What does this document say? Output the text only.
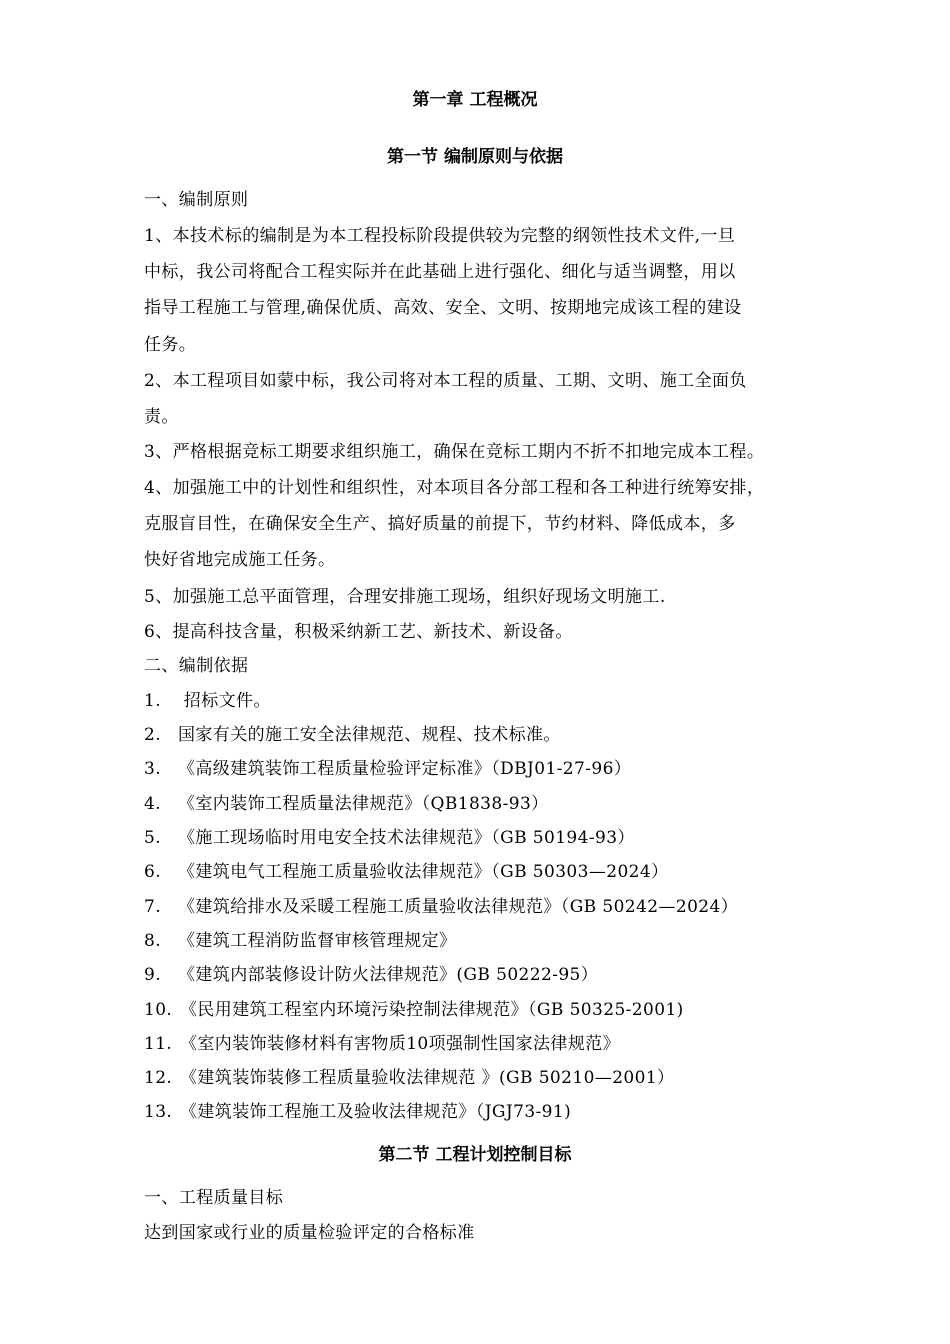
第一章 工程概况
第一节 编制原则与依据
一、编制原则
1、本技术标的编制是为本工程投标阶段提供较为完整的纲领性技术文件,一旦
中标，我公司将配合工程实际并在此基础上进行强化、细化与适当调整，用以
指导工程施工与管理,确保优质、高效、安全、文明、按期地完成该工程的建设
任务。
2、本工程项目如蒙中标，我公司将对本工程的质量、工期、文明、施工全面负
责。
3、严格根据竞标工期要求组织施工，确保在竞标工期内不折不扣地完成本工程。
4、加强施工中的计划性和组织性，对本项目各分部工程和各工种进行统筹安排，
克服盲目性，在确保安全生产、搞好质量的前提下，节约材料、降低成本，多
快好省地完成施工任务。
5、加强施工总平面管理，合理安排施工现场，组织好现场文明施工.
6、提高科技含量，积极采纳新工艺、新技术、新设备。
二、编制依据
1. 招标文件。
2. 国家有关的施工安全法律规范、规程、技术标准。
3. 《高级建筑装饰工程质量检验评定标准》（DBJ01-27-96）
4. 《室内装饰工程质量法律规范》（QB1838-93）
5. 《施工现场临时用电安全技术法律规范》（GB 50194-93）
6. 《建筑电气工程施工质量验收法律规范》（GB 50303—2024）
7. 《建筑给排水及采暖工程施工质量验收法律规范》（GB 50242—2024）
8. 《建筑工程消防监督审核管理规定》
9. 《建筑内部装修设计防火法律规范》(GB 50222-95）
10. 《民用建筑工程室内环境污染控制法律规范》（GB 50325-2001)
11. 《室内装饰装修材料有害物质10项强制性国家法律规范》
12. 《建筑装饰装修工程质量验收法律规范 》(GB 50210—2001）
13. 《建筑装饰工程施工及验收法律规范》（JGJ73-91)
第二节 工程计划控制目标
一、工程质量目标
达到国家或行业的质量检验评定的合格标准
